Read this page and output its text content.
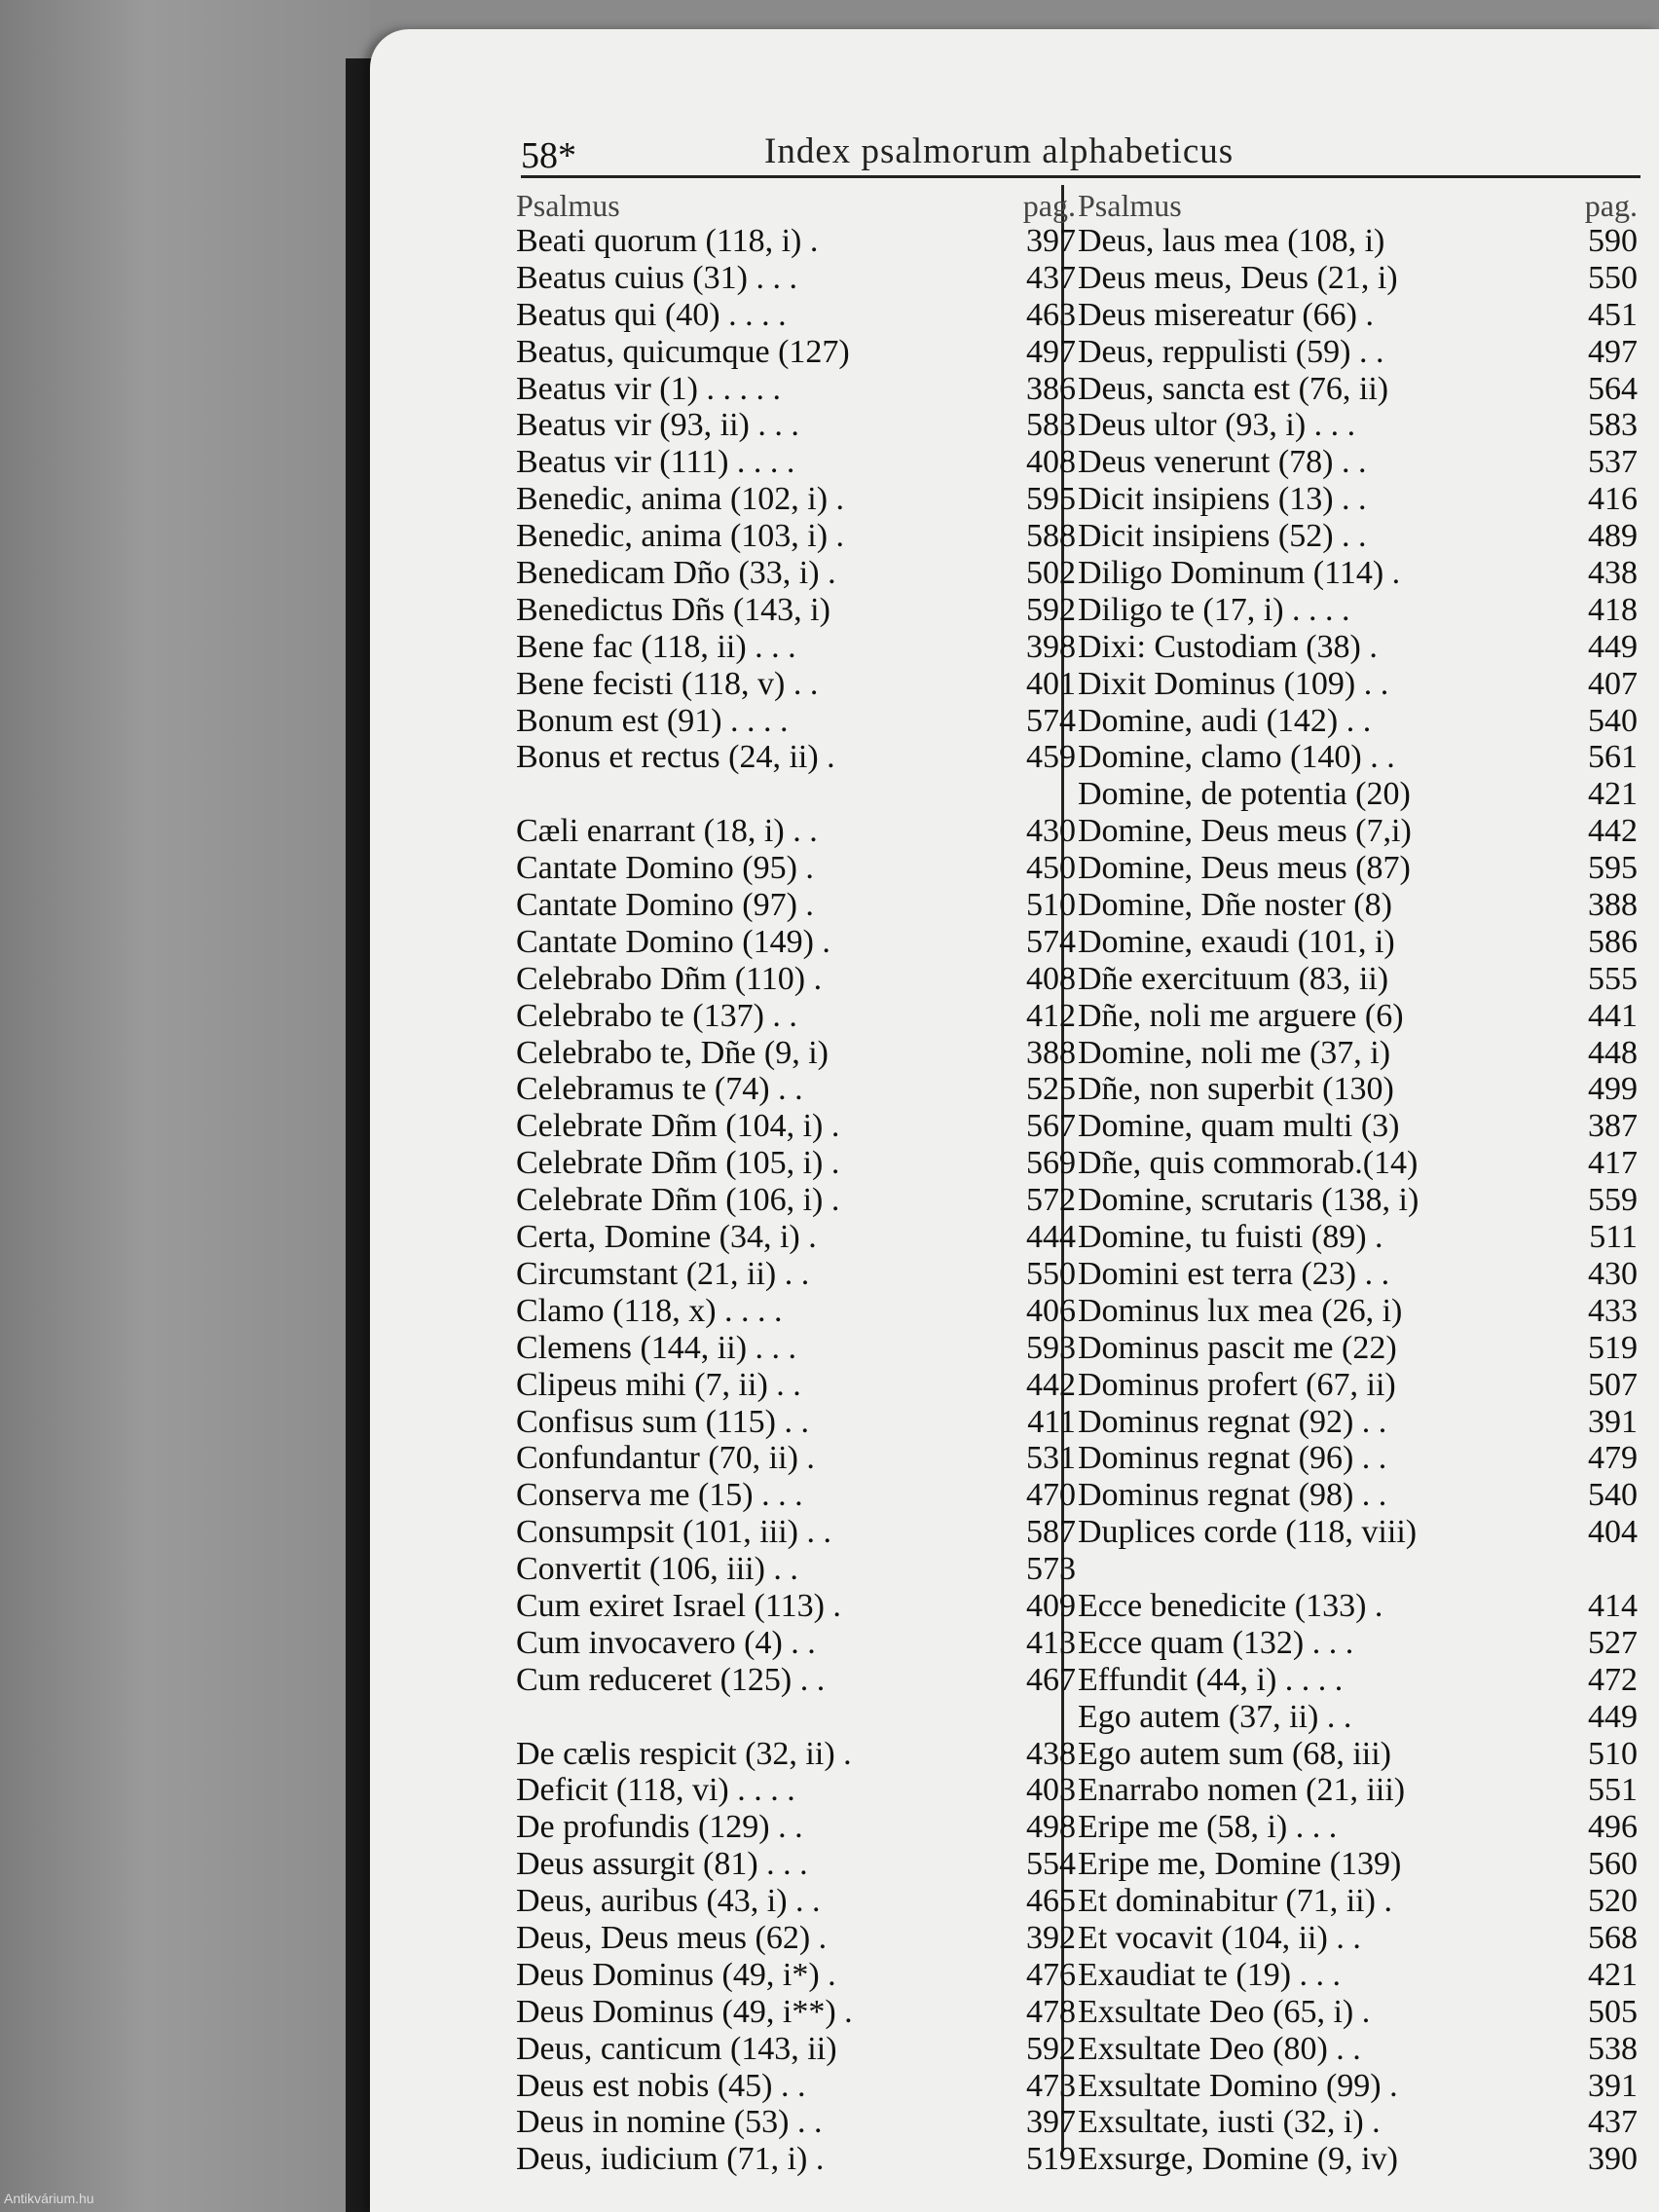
58*	Index psalmorum alphabeticus
Psalmus	pag.
Beati quorum (118, i) .	397
Beatus cuius (31) . . .	437
Beatus qui (40) . . . .	463
Beatus, quicumque (127)	497
Beatus vir (1) . . . . .	386
Beatus vir (93, ii) . . .	583
Beatus vir (111) . . . .	408
Benedic, anima (102, i) .	595
Benedic, anima (103, i) .	588
Benedicam Dño (33, i) .	502
Benedictus Dñs (143, i)	592
Bene fac (118, ii) . . .	398
Bene fecisti (118, v) . .	401
Bonum est (91) . . . .	574
Bonus et rectus (24, ii) .	459
Cæli enarrant (18, i) . .	430
Cantate Domino (95) .	450
Cantate Domino (97) .	510
Cantate Domino (149) .	574
Celebrabo Dñm (110) .	408
Celebrabo te (137) . .	412
Celebrabo te, Dñe (9, i)	388
Celebramus te (74) . .	525
Celebrate Dñm (104, i) .	567
Celebrate Dñm (105, i) .	569
Celebrate Dñm (106, i) .	572
Certa, Domine (34, i) .	444
Circumstant (21, ii) . .	550
Clamo (118, x) . . . .	406
Clemens (144, ii) . . .	593
Clipeus mihi (7, ii) . .	442
Confisus sum (115) . .	411
Confundantur (70, ii) .	531
Conserva me (15) . . .	470
Consumpsit (101, iii) . .	587
Convertit (106, iii) . .	573
Cum exiret Israel (113) .	409
Cum invocavero (4) . .	413
Cum reduceret (125) . .	467
De cælis respicit (32, ii) .	438
Deficit (118, vi) . . . .	403
De profundis (129) . .	498
Deus assurgit (81) . . .	554
Deus, auribus (43, i) . .	465
Deus, Deus meus (62) .	392
Deus Dominus (49, i*) .	476
Deus Dominus (49, i**) .	478
Deus, canticum (143, ii)	592
Deus est nobis (45) . .	473
Deus in nomine (53) . .	397
Deus, iudicium (71, i) .	519
Psalmus	pag.
Deus, laus mea (108, i)	590
Deus meus, Deus (21, i)	550
Deus misereatur (66) .	451
Deus, reppulisti (59) . .	497
Deus, sancta est (76, ii)	564
Deus ultor (93, i) . . .	583
Deus venerunt (78) . .	537
Dicit insipiens (13) . .	416
Dicit insipiens (52) . .	489
Diligo Dominum (114) .	438
Diligo te (17, i) . . . .	418
Dixi: Custodiam (38) .	449
Dixit Dominus (109) . .	407
Domine, audi (142) . .	540
Domine, clamo (140) . .	561
Domine, de potentia (20)	421
Domine, Deus meus (7,i)	442
Domine, Deus meus (87)	595
Domine, Dñe noster (8)	388
Domine, exaudi (101, i)	586
Dñe exercituum (83, ii)	555
Dñe, noli me arguere (6)	441
Domine, noli me (37, i)	448
Dñe, non superbit (130)	499
Domine, quam multi (3)	387
Dñe, quis commorab.(14)	417
Domine, scrutaris (138, i)	559
Domine, tu fuisti (89) .	511
Domini est terra (23) . .	430
Dominus lux mea (26, i)	433
Dominus pascit me (22)	519
Dominus profert (67, ii)	507
Dominus regnat (92) . .	391
Dominus regnat (96) . .	479
Dominus regnat (98) . .	540
Duplices corde (118, viii)	404
Ecce benedicite (133) .	414
Ecce quam (132) . . .	527
Effundit (44, i) . . . .	472
Ego autem (37, ii) . .	449
Ego autem sum (68, iii)	510
Enarrabo nomen (21, iii)	551
Eripe me (58, i) . . .	496
Eripe me, Domine (139)	560
Et dominabitur (71, ii) .	520
Et vocavit (104, ii) . .	568
Exaudiat te (19) . . .	421
Exsultate Deo (65, i) .	505
Exsultate Deo (80) . .	538
Exsultate Domino (99) .	391
Exsultate, iusti (32, i) .	437
Exsurge, Domine (9, iv)	390
Antikvárium.hu
